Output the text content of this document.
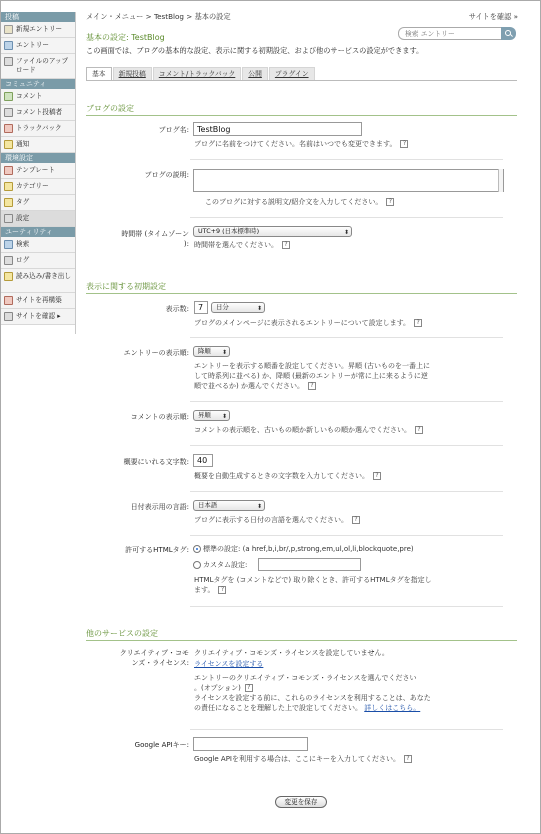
投稿
新規エントリー
エントリー
ファイルのアップロード
コミュニティ
コメント
コメント投稿者
トラックバック
通知
環境設定
テンプレート
カテゴリー
タグ
設定
ユーティリティ
検索
ログ
読み込み/書き出し
サイトを再構築
サイトを確認 ▸
メイン・メニュー > TestBlog > 基本の設定	サイトを確認 »
基本の設定: TestBlog
検索 エントリー
この画面では、ブログの基本的な設定、表示に関する初期設定、および他のサービスの設定ができます。
基本	新規投稿	コメント/トラックバック	公開	プラグイン
ブログの設定
ブログ名:
TestBlog
ブログに名前をつけてください。名前はいつでも変更できます。 ?
ブログの説明:
このブログに対する説明文/紹介文を入力してください。 ?
時間帯 (タイムゾーン
):
UTC+9 (日本標準時)	⬍
時間帯を選んでください。 ?
表示に関する初期設定
表示数:
7	日分	⬍
ブログのメインページに表示されるエントリーについて設定します。 ?
エントリーの表示順:	降順 ⬍
エントリーを表示する順番を設定してください。昇順 (古いものを一番上に
して時系列に並べる) か、降順 (最新のエントリーが常に上に来るように逆
順で並べるか) か選んでください。 ?
コメントの表示順:	昇順 ⬍
コメントの表示順を、古いもの順か新しいもの順か選んでください。 ?
概要にいれる文字数:
40
概要を自動生成するときの文字数を入力してください。 ?
日付表示用の言語:	日本語	⬍
ブログに表示する日付の言語を選んでください。 ?
許可するHTMLタグ:	標準の設定: (a href,b,i,br/,p,strong,em,ul,ol,li,blockquote,pre)
カスタム設定:
HTMLタグを (コメントなどで) 取り除くとき、許可するHTMLタグを指定し
ます。 ?
他のサービスの設定
クリエイティブ・コモ
ンズ・ライセンス:
クリエイティブ・コモンズ・ライセンスを設定していません。
ライセンスを設定する
エントリーのクリエイティブ・コモンズ・ライセンスを選んでください
。(オプション) ?
ライセンスを設定する前に、これらのライセンスを利用することは、あなた
の責任になることを理解した上で設定してください。 詳しくはこちら。
Google APIキー:
Google APIを利用する場合は、ここにキーを入力してください。 ?
変更を保存
